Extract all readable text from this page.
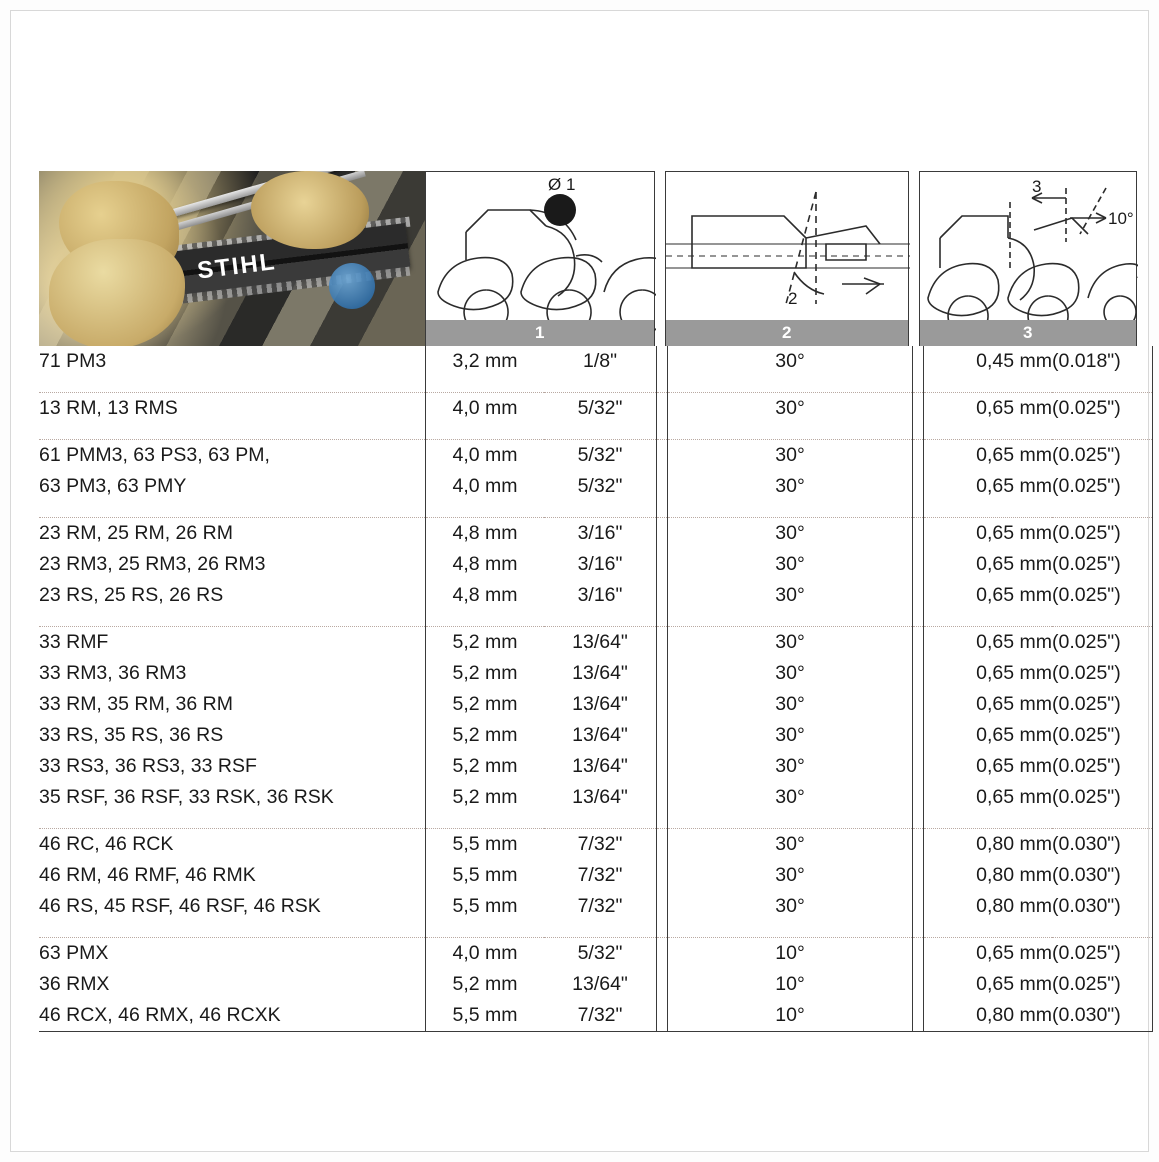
STIHL
Ø 1
1
2
2
3
10°
3
71 PM3	3,2 mm	1/8"		30°		0,45 mm	(0.018")

13 RM, 13 RMS	4,0 mm	5/32"		30°		0,65 mm	(0.025")

61 PMM3, 63 PS3, 63 PM,	4,0 mm	5/32"		30°		0,65 mm	(0.025")
63 PM3, 63 PMY	4,0 mm	5/32"		30°		0,65 mm	(0.025")

23 RM, 25 RM, 26 RM	4,8 mm	3/16"		30°		0,65 mm	(0.025")
23 RM3, 25 RM3, 26 RM3	4,8 mm	3/16"		30°		0,65 mm	(0.025")
23 RS, 25 RS, 26 RS	4,8 mm	3/16"		30°		0,65 mm	(0.025")

33 RMF	5,2 mm	13/64"		30°		0,65 mm	(0.025")
33 RM3, 36 RM3	5,2 mm	13/64"		30°		0,65 mm	(0.025")
33 RM, 35 RM, 36 RM	5,2 mm	13/64"		30°		0,65 mm	(0.025")
33 RS, 35 RS, 36 RS	5,2 mm	13/64"		30°		0,65 mm	(0.025")
33 RS3, 36 RS3, 33 RSF	5,2 mm	13/64"		30°		0,65 mm	(0.025")
35 RSF, 36 RSF, 33 RSK, 36 RSK	5,2 mm	13/64"		30°		0,65 mm	(0.025")

46 RC, 46 RCK	5,5 mm	7/32"		30°		0,80 mm	(0.030")
46 RM, 46 RMF, 46 RMK	5,5 mm	7/32"		30°		0,80 mm	(0.030")
46 RS, 45 RSF, 46 RSF, 46 RSK	5,5 mm	7/32"		30°		0,80 mm	(0.030")

63 PMX	4,0 mm	5/32"		10°		0,65 mm	(0.025")
36 RMX	5,2 mm	13/64"		10°		0,65 mm	(0.025")
46 RCX, 46 RMX, 46 RCXK	5,5 mm	7/32"		10°		0,80 mm	(0.030")
